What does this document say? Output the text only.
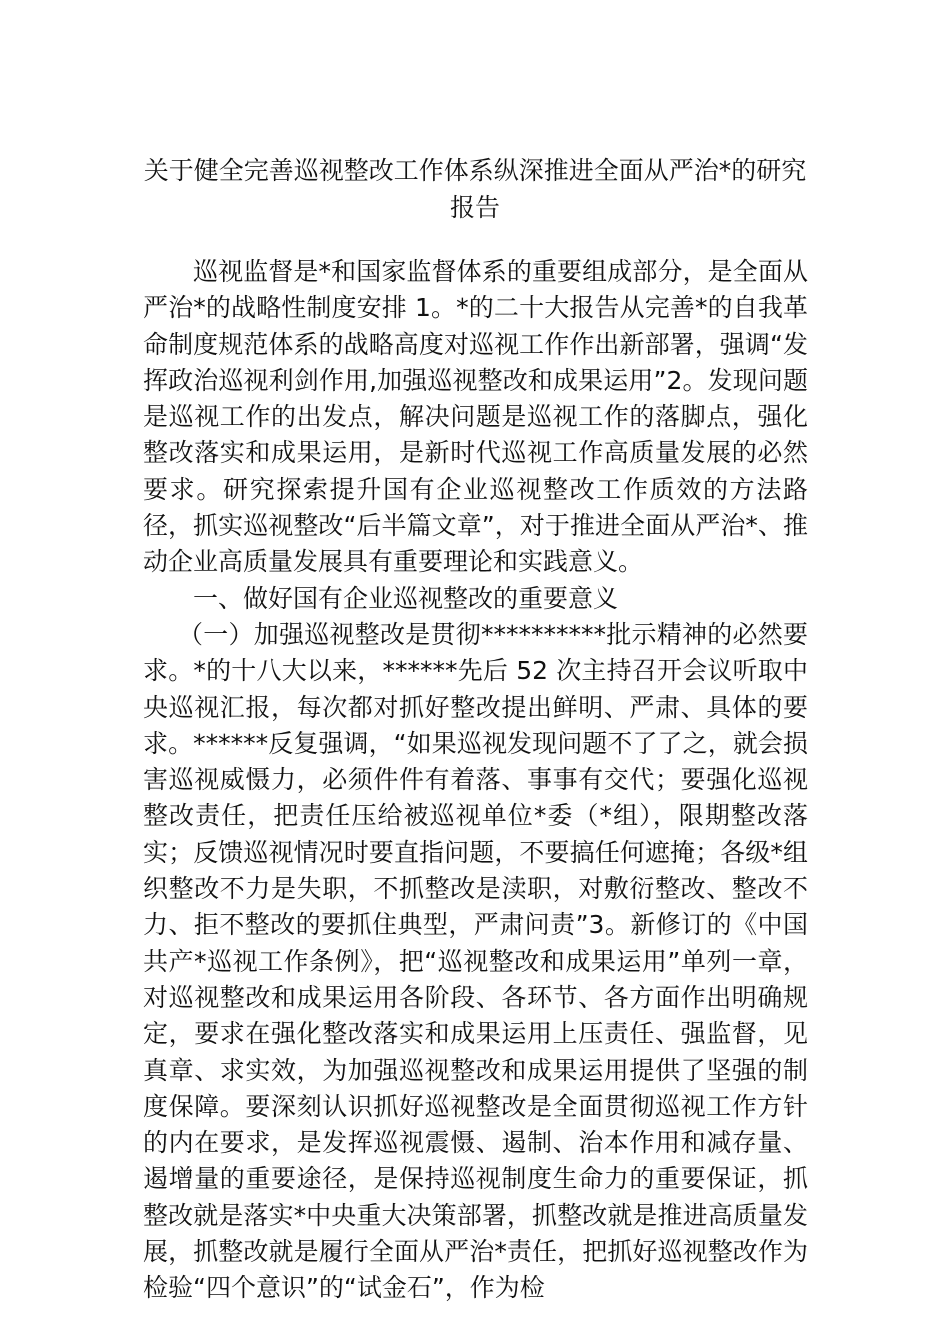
关于健全完善巡视整改工作体系纵深推进全面从严治*的研究报告

巡视监督是*和国家监督体系的重要组成部分，是全面从严治*的战略性制度安排 1。*的二十大报告从完善*的自我革命制度规范体系的战略高度对巡视工作作出新部署，强调“发挥政治巡视利剑作用,加强巡视整改和成果运用”2。发现问题是巡视工作的出发点，解决问题是巡视工作的落脚点，强化整改落实和成果运用，是新时代巡视工作高质量发展的必然要求。研究探索提升国有企业巡视整改工作质效的方法路径，抓实巡视整改“后半篇文章”，对于推进全面从严治*、推动企业高质量发展具有重要理论和实践意义。

一、做好国有企业巡视整改的重要意义

（一）加强巡视整改是贯彻**********批示精神的必然要求。*的十八大以来，******先后 52 次主持召开会议听取中央巡视汇报，每次都对抓好整改提出鲜明、严肃、具体的要求。******反复强调，“如果巡视发现问题不了了之，就会损害巡视威慑力，必须件件有着落、事事有交代；要强化巡视整改责任，把责任压给被巡视单位*委（*组），限期整改落实；反馈巡视情况时要直指问题，不要搞任何遮掩；各级*组织整改不力是失职，不抓整改是渎职，对敷衍整改、整改不力、拒不整改的要抓住典型，严肃问责”3。新修订的《中国共产*巡视工作条例》，把“巡视整改和成果运用”单列一章，对巡视整改和成果运用各阶段、各环节、各方面作出明确规定，要求在强化整改落实和成果运用上压责任、强监督，见真章、求实效，为加强巡视整改和成果运用提供了坚强的制度保障。要深刻认识抓好巡视整改是全面贯彻巡视工作方针的内在要求，是发挥巡视震慑、遏制、治本作用和减存量、遏增量的重要途径，是保持巡视制度生命力的重要保证，抓整改就是落实*中央重大决策部署，抓整改就是推进高质量发展，抓整改就是履行全面从严治*责任，把抓好巡视整改作为检验“四个意识”的“试金石”，作为检
